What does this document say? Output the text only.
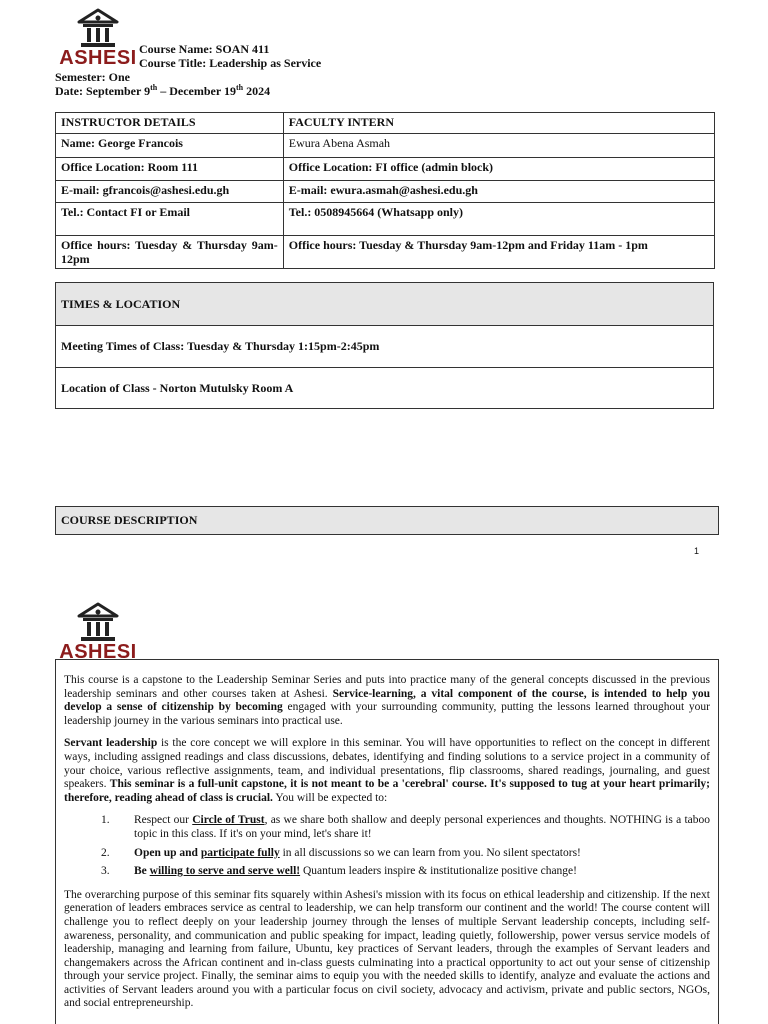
ASHESI Course Name: SOAN 411
Course Title: Leadership as Service
Semester: One
Date: September 9th – December 19th 2024
INSTRUCTOR DETAILS	FACULTY INTERN
Name: George Francois	Ewura Abena Asmah
Office Location: Room 111	Office Location: FI office (admin block)
E-mail: gfrancois@ashesi.edu.gh	E-mail: ewura.asmah@ashesi.edu.gh
Tel.: Contact FI or Email	Tel.: 0508945664 (Whatsapp only)
Office hours: Tuesday & Thursday 9am-12pm	Office hours: Tuesday & Thursday 9am-12pm and Friday 11am - 1pm
TIMES & LOCATION
Meeting Times of Class: Tuesday & Thursday 1:15pm-2:45pm
Location of Class - Norton Mutulsky Room A
COURSE DESCRIPTION
1
ASHESI

This course is a capstone to the Leadership Seminar Series and puts into practice many of the general concepts discussed in the previous leadership seminars and other courses taken at Ashesi. Service-learning, a vital component of the course, is intended to help you develop a sense of citizenship by becoming engaged with your surrounding community, putting the lessons learned throughout your leadership journey in the various seminars into practical use.

Servant leadership is the core concept we will explore in this seminar. You will have opportunities to reflect on the concept in different ways, including assigned readings and class discussions, debates, identifying and finding solutions to a service project in a community of your choice, various reflective assignments, team, and individual presentations, flip classrooms, shared readings, journaling, and guest speakers. This seminar is a full-unit capstone, it is not meant to be a 'cerebral' course. It's supposed to tug at your heart primarily; therefore, reading ahead of class is crucial. You will be expected to:

1. Respect our Circle of Trust, as we share both shallow and deeply personal experiences and thoughts. NOTHING is a taboo topic in this class. If it's on your mind, let's share it!
2. Open up and participate fully in all discussions so we can learn from you. No silent spectators!
3. Be willing to serve and serve well! Quantum leaders inspire & institutionalize positive change!

The overarching purpose of this seminar fits squarely within Ashesi's mission with its focus on ethical leadership and citizenship. If the next generation of leaders embraces service as central to leadership, we can help transform our continent and the world! The course content will challenge you to reflect deeply on your leadership journey through the lenses of multiple Servant leadership concepts, including self-awareness, personality, and communication and public speaking for impact, leading quietly, followership, power versus service models of leadership, managing and learning from failure, Ubuntu, key practices of Servant leaders, through the examples of Servant leaders and changemakers across the African continent and in-class guests culminating into a practical opportunity to act out your sense of citizenship through your service project. Finally, the seminar aims to equip you with the needed skills to identify, analyze and evaluate the actions and activities of Servant leaders around you with a particular focus on civil society, advocacy and activism, private and public sectors, NGOs, and social entrepreneurship.
